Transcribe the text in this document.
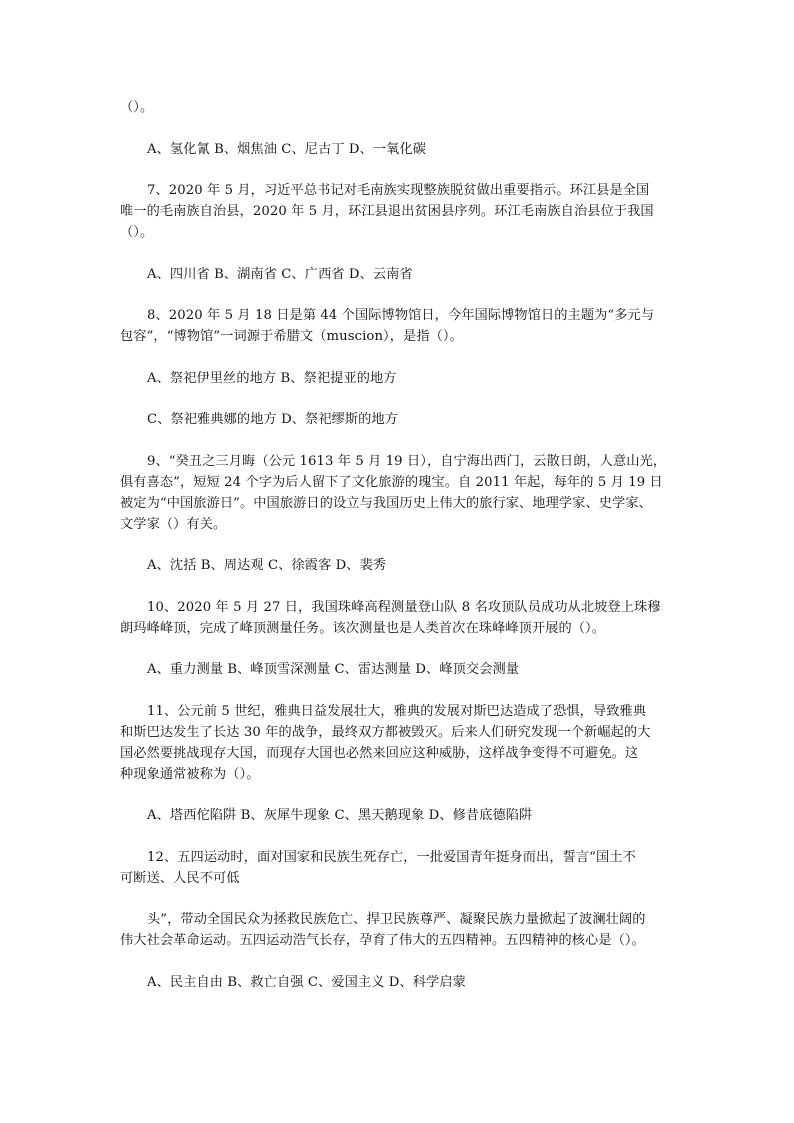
（）。
A、氢化氰 B、烟焦油 C、尼古丁 D、一氧化碳
7、2020 年 5 月，习近平总书记对毛南族实现整族脱贫做出重要指示。环江县是全国
唯一的毛南族自治县，2020 年 5 月，环江县退出贫困县序列。环江毛南族自治县位于我国
（）。
A、四川省 B、湖南省 C、广西省 D、云南省
8、2020 年 5 月 18 日是第 44 个国际博物馆日，今年国际博物馆日的主题为“多元与
包容”，“博物馆”一词源于希腊文（muscion），是指（）。
A、祭祀伊里丝的地方 B、祭祀提亚的地方
C、祭祀雅典娜的地方 D、祭祀缪斯的地方
9、“癸丑之三月晦（公元 1613 年 5 月 19 日），自宁海出西门，云散日朗，人意山光，
俱有喜态”，短短 24 个字为后人留下了文化旅游的瑰宝。自 2011 年起，每年的 5 月 19 日
被定为“中国旅游日”。中国旅游日的设立与我国历史上伟大的旅行家、地理学家、史学家、
文学家（）有关。
A、沈括 B、周达观 C、徐霞客 D、裴秀
10、2020 年 5 月 27 日，我国珠峰高程测量登山队 8 名攻顶队员成功从北坡登上珠穆
朗玛峰峰顶，完成了峰顶测量任务。该次测量也是人类首次在珠峰峰顶开展的（）。
A、重力测量 B、峰顶雪深测量 C、雷达测量 D、峰顶交会测量
11、公元前 5 世纪，雅典日益发展壮大，雅典的发展对斯巴达造成了恐惧，导致雅典
和斯巴达发生了长达 30 年的战争，最终双方都被毁灭。后来人们研究发现一个新崛起的大
国必然要挑战现存大国，而现存大国也必然来回应这种威胁，这样战争变得不可避免。这
种现象通常被称为（）。
A、塔西佗陷阱 B、灰犀牛现象 C、黑天鹅现象 D、修昔底德陷阱
12、五四运动时，面对国家和民族生死存亡，一批爱国青年挺身而出，誓言“国土不
可断送、人民不可低
头”，带动全国民众为拯救民族危亡、捍卫民族尊严、凝聚民族力量掀起了波澜壮阔的
伟大社会革命运动。五四运动浩气长存，孕育了伟大的五四精神。五四精神的核心是（）。
A、民主自由 B、救亡自强 C、爱国主义 D、科学启蒙
